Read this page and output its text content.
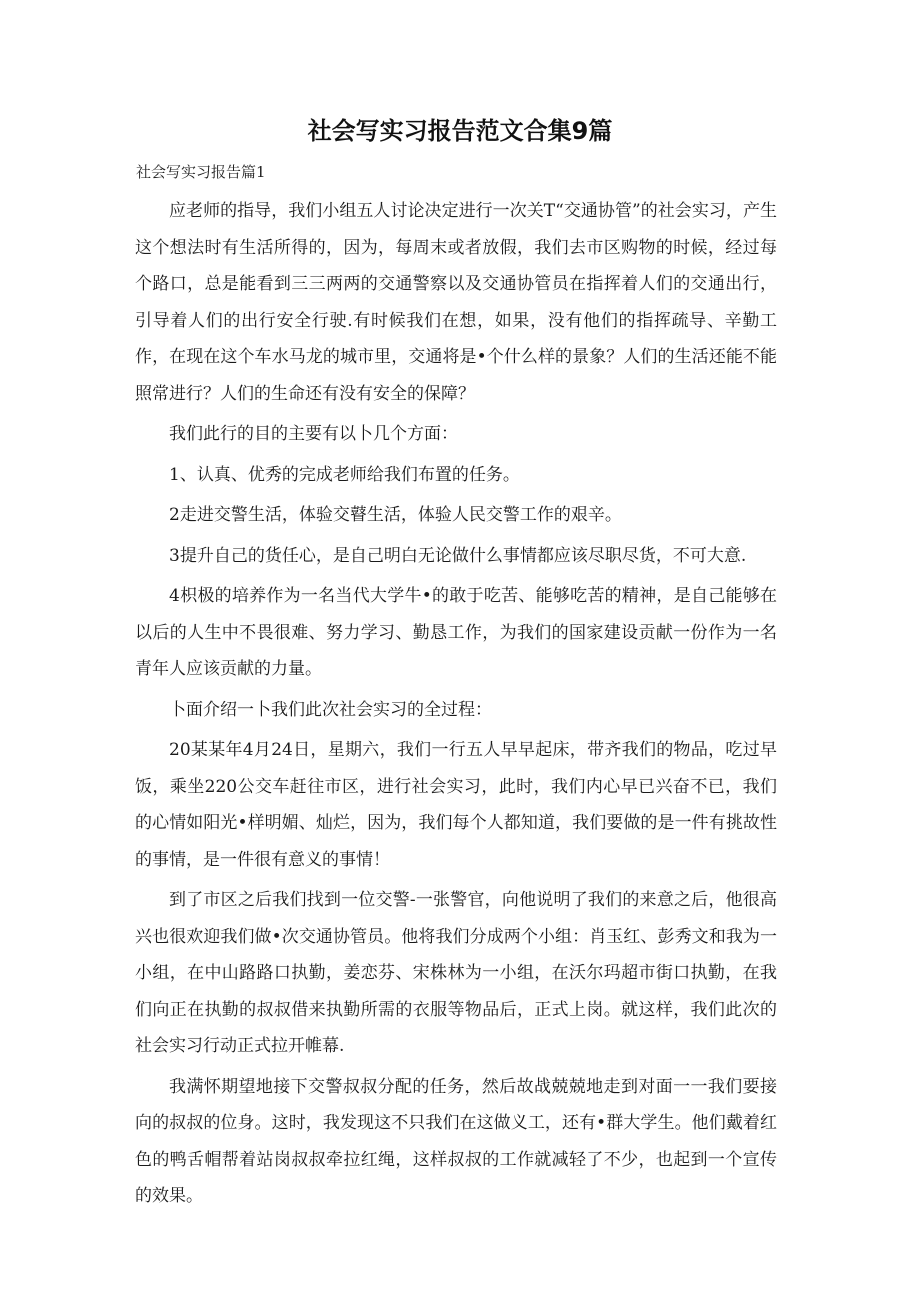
社会写实习报告范文合集9篇
社会写实习报告篇1

应老师的指导，我们小组五人讨论决定进行一次关T“交通协管”的社会实习，产生这个想法时有生活所得的，因为，每周末或者放假，我们去市区购物的时候，经过每个路口，总是能看到三三两两的交通警察以及交通协管员在指挥着人们的交通出行，引导着人们的出行安全行驶.有时候我们在想，如果，没有他们的指挥疏导、辛勤工作，在现在这个车水马龙的城市里，交通将是•个什么样的景象？人们的生活还能不能照常进行？人们的生命还有没有安全的保障？

我们此行的目的主要有以卜几个方面：

1、认真、优秀的完成老师给我们布置的任务。

2走进交警生活，体验交瞽生活，体验人民交警工作的艰辛。

3提升自己的货任心，是自己明白无论做什么事情都应该尽职尽货，不可大意.

4枳极的培养作为一名当代大学牛•的敢于吃苦、能够吃苦的精神，是自己能够在以后的人生中不畏很难、努力学习、勤恳工作，为我们的国家建设贡献一份作为一名青年人应该贡献的力量。

卜面介绍一卜我们此次社会实习的全过程：

20某某年4月24日，星期六，我们一行五人早早起床，带齐我们的物品，吃过早饭，乘坐220公交车赶往市区，进行社会实习，此时，我们内心早已兴奋不已，我们的心情如阳光•样明媚、灿烂，因为，我们每个人都知道，我们要做的是一件有挑故性的事情，是一件很有意义的事情！

到了市区之后我们找到一位交警-一张警官，向他说明了我们的来意之后，他很高兴也很欢迎我们做•次交通协管员。他将我们分成两个小组：肖玉红、彭秀文和我为一小组，在中山路路口执勤，姜恋芬、宋株林为一小组，在沃尔玛超市街口执勤，在我们向正在执勤的叔叔借来执勤所需的衣服等物品后，正式上岗。就这样，我们此次的社会实习行动正式拉开帷幕.

我满怀期望地接下交警叔叔分配的任务，然后故战兢兢地走到对面一一我们要接向的叔叔的位身。这时，我发现这不只我们在这做义工，还有•群大学生。他们戴着红色的鸭舌帽帮着站岗叔叔牵拉红绳，这样叔叔的工作就减轻了不少，也起到一个宣传的效果。
